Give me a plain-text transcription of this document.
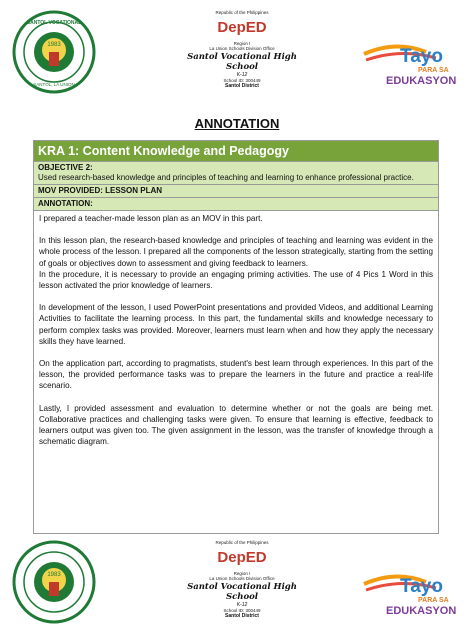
1983
SANTOL VOCATIONAL
SANTOL, LA UNION
Republic of the Philippines
DepED
Region I
La Union Schools Division Office
Santol Vocational High School
K-12
School ID: 300449
Santol District
Tayo
PARA SA
EDUKASYON
ANNOTATION
KRA 1: Content Knowledge and Pedagogy
OBJECTIVE 2:
Used research-based knowledge and principles of teaching and learning to enhance professional practice.
MOV PROVIDED: LESSON PLAN
ANNOTATION:

I prepared a teacher-made lesson plan as an MOV in this part.

In this lesson plan, the research-based knowledge and principles of teaching and learning was evident in the whole process of the lesson. I prepared all the components of the lesson strategically, starting from the setting of goals or objectives down to assessment and giving feedback to learners.

In the procedure, it is necessary to provide an engaging priming activities. The use of 4 Pics 1 Word in this lesson activated the prior knowledge of learners.

In development of the lesson, I used PowerPoint presentations and provided Videos, and additional Learning Activities to facilitate the learning process. In this part, the fundamental skills and knowledge necessary to perform complex tasks was provided. Moreover, learners must learn when and how they apply the necessary skills they have learned.

On the application part, according to pragmatists, student's best learn through experiences. In this part of the lesson, the provided performance tasks was to prepare the learners in the future and practice a real-life scenario.

Lastly, I provided assessment and evaluation to determine whether or not the goals are being met. Collaborative practices and challenging tasks were given. To ensure that learning is effective, feedback to learners output was given too. The given assignment in the lesson, was the transfer of knowledge through a schematic diagram.

1983
Republic of the Philippines
DepED
Region I
La Union Schools Division Office
Santol Vocational High School
K-12
School ID: 300449
Santol District
Tayo
PARA SA
EDUKASYON
